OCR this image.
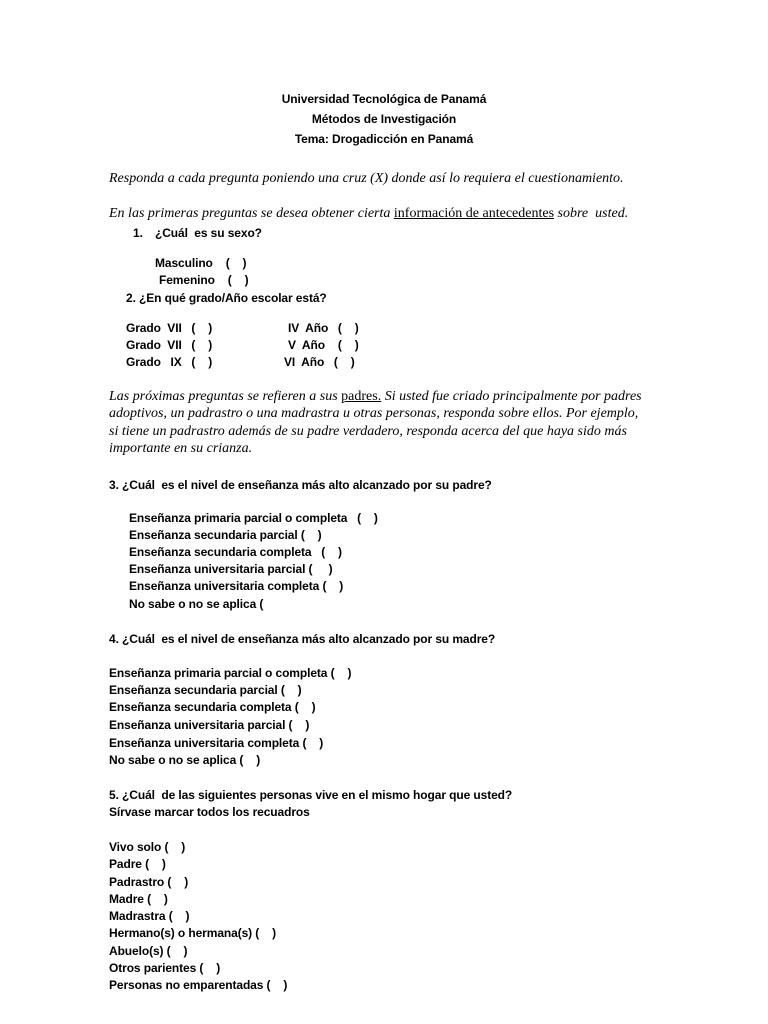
Universidad Tecnológica de Panamá
Métodos de Investigación
Tema: Drogadicción en Panamá
Responda a cada pregunta poniendo una cruz (X) donde así lo requiera el cuestionamiento.
En las primeras preguntas se desea obtener cierta información de antecedentes sobre  usted.
1. ¿Cuál  es su sexo?
Masculino    (    )
Femenino    (    )
2. ¿En qué grado/Año escolar está?
Grado  VII   (    )
Grado  VII   (    )
Grado   IX   (    )
IV  Año   (    )
V  Año    (    )
VI  Año   (    )
Las próximas preguntas se refieren a sus padres. Si usted fue criado principalmente por padres
adoptivos, un padrastro o una madrastra u otras personas, responda sobre ellos. Por ejemplo,
si tiene un padrastro además de su padre verdadero, responda acerca del que haya sido más
importante en su crianza.
3. ¿Cuál  es el nivel de enseñanza más alto alcanzado por su padre?
Enseñanza primaria parcial o completa   (    )
Enseñanza secundaria parcial (    )
Enseñanza secundaria completa   (    )
Enseñanza universitaria parcial (     )
Enseñanza universitaria completa (    )
No sabe o no se aplica (
4. ¿Cuál  es el nivel de enseñanza más alto alcanzado por su madre?
Enseñanza primaria parcial o completa (    )
Enseñanza secundaria parcial (    )
Enseñanza secundaria completa (    )
Enseñanza universitaria parcial (    )
Enseñanza universitaria completa (    )
No sabe o no se aplica (    )
5. ¿Cuál  de las siguientes personas vive en el mismo hogar que usted?
Sírvase marcar todos los recuadros
Vivo solo (    )
Padre (    )
Padrastro (    )
Madre (    )
Madrastra (    )
Hermano(s) o hermana(s) (    )
Abuelo(s) (    )
Otros parientes (    )
Personas no emparentadas (    )
